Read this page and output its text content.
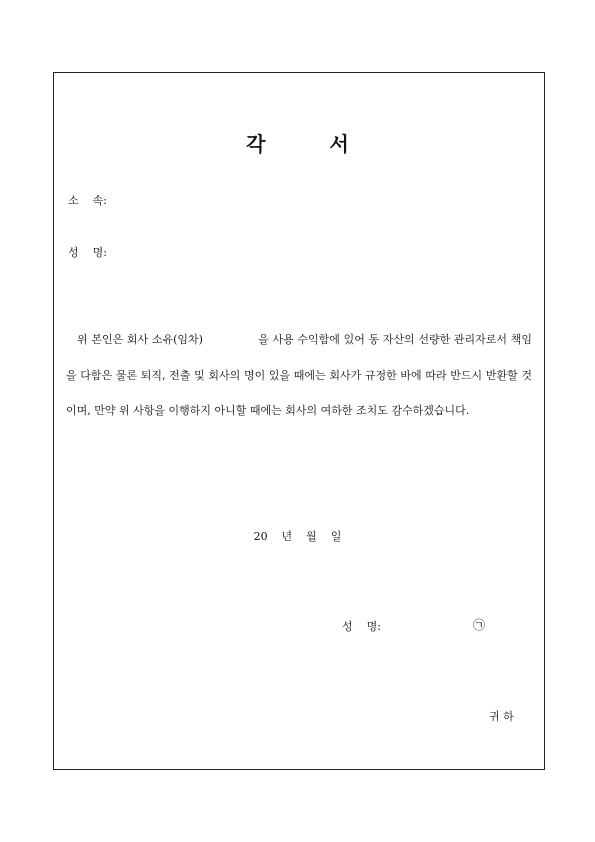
각	서
소    속:
성    명:
위 본인은 회사 소유(임차)               을 사용 수익함에 있어 동 자산의 선량한 관리자로서 책임을 다함은 물론 퇴직, 전출 및 회사의 명이 있을 때에는 회사가 규정한 바에 따라 반드시 반환할 것이며, 만약 위 사항을 이행하지 아니할 때에는 회사의 여하한 조치도 감수하겠습니다.
20    년    월    일
성    명:	㉠
귀 하
